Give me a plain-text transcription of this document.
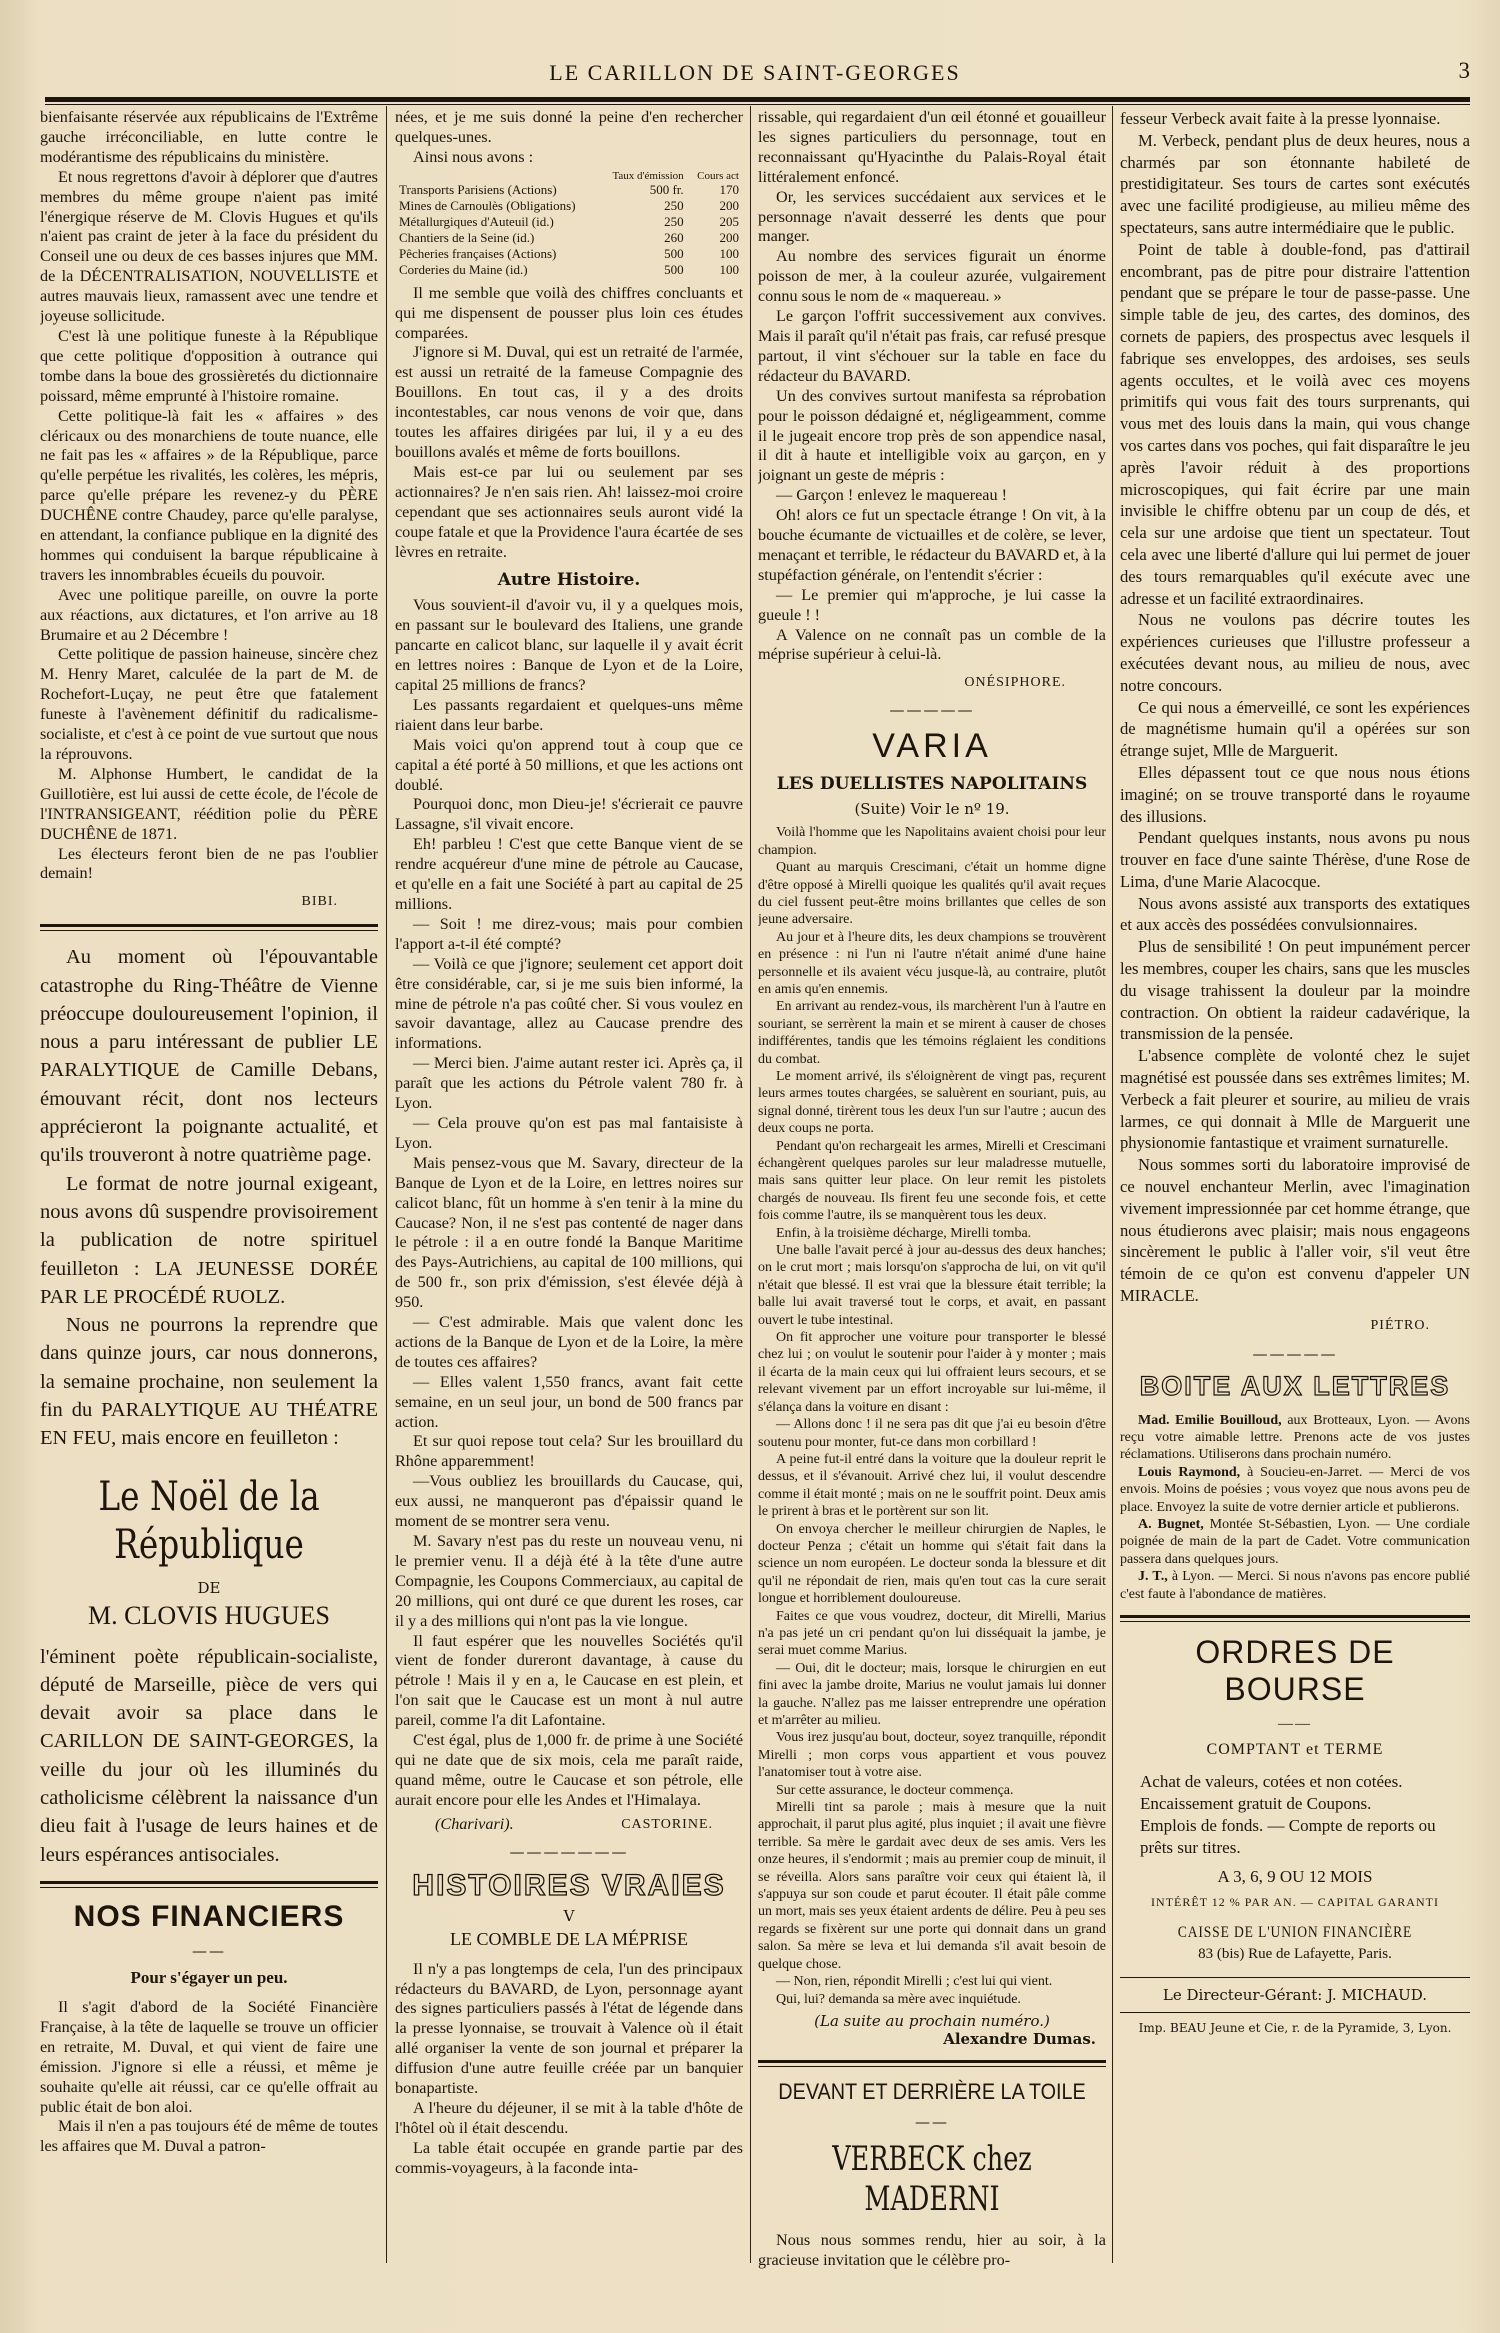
LE CARILLON DE SAINT-GEORGES	3

bienfaisante réservée aux républicains de l'Extrême gauche irréconciliable, en lutte contre le modérantisme des républicains du ministère.

Et nous regrettons d'avoir à déplorer que d'autres membres du même groupe n'aient pas imité l'énergique réserve de M. Clovis Hugues et qu'ils n'aient pas craint de jeter à la face du président du Conseil une ou deux de ces basses injures que MM. de la DÉCENTRALISATION, NOUVELLISTE et autres mauvais lieux, ramassent avec une tendre et joyeuse sollicitude.

C'est là une politique funeste à la République que cette politique d'opposition à outrance qui tombe dans la boue des grossièretés du dictionnaire poissard, même emprunté à l'histoire romaine.

Cette politique-là fait les « affaires » des cléricaux ou des monarchiens de toute nuance, elle ne fait pas les « affaires » de la République, parce qu'elle perpétue les rivalités, les colères, les mépris, parce qu'elle prépare les revenez-y du PÈRE DUCHÊNE contre Chaudey, parce qu'elle paralyse, en attendant, la confiance publique en la dignité des hommes qui conduisent la barque républicaine à travers les innombrables écueils du pouvoir.

Avec une politique pareille, on ouvre la porte aux réactions, aux dictatures, et l'on arrive au 18 Brumaire et au 2 Décembre !

Cette politique de passion haineuse, sincère chez M. Henry Maret, calculée de la part de M. de Rochefort-Luçay, ne peut être que fatalement funeste à l'avènement définitif du radicalisme-socialiste, et c'est à ce point de vue surtout que nous la réprouvons.

M. Alphonse Humbert, le candidat de la Guillotière, est lui aussi de cette école, de l'école de l'INTRANSIGEANT, réédition polie du PÈRE DUCHÊNE de 1871.

Les électeurs feront bien de ne pas l'oublier demain!

BIBI.

Au moment où l'épouvantable catastrophe du Ring-Théâtre de Vienne préoccupe douloureusement l'opinion, il nous a paru intéressant de publier LE PARALYTIQUE de Camille Debans, émouvant récit, dont nos lecteurs apprécieront la poignante actualité, et qu'ils trouveront à notre quatrième page.

Le format de notre journal exigeant, nous avons dû suspendre provisoirement la publication de notre spirituel feuilleton : LA JEUNESSE DORÉE PAR LE PROCÉDÉ RUOLZ.

Nous ne pourrons la reprendre que dans quinze jours, car nous donnerons, la semaine prochaine, non seulement la fin du PARALYTIQUE AU THÉATRE EN FEU, mais encore en feuilleton :

Le Noël de la République
DE
M. CLOVIS HUGUES

l'éminent poète républicain-socialiste, député de Marseille, pièce de vers qui devait avoir sa place dans le CARILLON DE SAINT-GEORGES, la veille du jour où les illuminés du catholicisme célèbrent la naissance d'un dieu fait à l'usage de leurs haines et de leurs espérances antisociales.

NOS FINANCIERS
——
Pour s'égayer un peu.

Il s'agit d'abord de la Société Financière Française, à la tête de laquelle se trouve un officier en retraite, M. Duval, et qui vient de faire une émission. J'ignore si elle a réussi, et même je souhaite qu'elle ait réussi, car ce qu'elle offrait au public était de bon aloi.

Mais il n'en a pas toujours été de même de toutes les affaires que M. Duval a patron-

nées, et je me suis donné la peine d'en rechercher quelques-unes.

Ainsi nous avons :

	Taux d'émission	Cours act
Transports Parisiens (Actions)	500 fr.	170
Mines de Carnoulès (Obligations)	250	200
Métallurgiques d'Auteuil (id.)	250	205
Chantiers de la Seine (id.)	260	200
Pêcheries françaises (Actions)	500	100
Corderies du Maine (id.)	500	100

Il me semble que voilà des chiffres concluants et qui me dispensent de pousser plus loin ces études comparées.

J'ignore si M. Duval, qui est un retraité de l'armée, est aussi un retraité de la fameuse Compagnie des Bouillons. En tout cas, il y a des droits incontestables, car nous venons de voir que, dans toutes les affaires dirigées par lui, il y a eu des bouillons avalés et même de forts bouillons.

Mais est-ce par lui ou seulement par ses actionnaires? Je n'en sais rien. Ah! laissez-moi croire cependant que ses actionnaires seuls auront vidé la coupe fatale et que la Providence l'aura écartée de ses lèvres en retraite.

Autre Histoire.

Vous souvient-il d'avoir vu, il y a quelques mois, en passant sur le boulevard des Italiens, une grande pancarte en calicot blanc, sur laquelle il y avait écrit en lettres noires : Banque de Lyon et de la Loire, capital 25 millions de francs?

Les passants regardaient et quelques-uns même riaient dans leur barbe.

Mais voici qu'on apprend tout à coup que ce capital a été porté à 50 millions, et que les actions ont doublé.

Pourquoi donc, mon Dieu-je! s'écrierait ce pauvre Lassagne, s'il vivait encore.

Eh! parbleu ! C'est que cette Banque vient de se rendre acquéreur d'une mine de pétrole au Caucase, et qu'elle en a fait une Société à part au capital de 25 millions.

— Soit ! me direz-vous; mais pour combien l'apport a-t-il été compté?

— Voilà ce que j'ignore; seulement cet apport doit être considérable, car, si je me suis bien informé, la mine de pétrole n'a pas coûté cher. Si vous voulez en savoir davantage, allez au Caucase prendre des informations.

— Merci bien. J'aime autant rester ici. Après ça, il paraît que les actions du Pétrole valent 780 fr. à Lyon.

— Cela prouve qu'on est pas mal fantaisiste à Lyon.

Mais pensez-vous que M. Savary, directeur de la Banque de Lyon et de la Loire, en lettres noires sur calicot blanc, fût un homme à s'en tenir à la mine du Caucase? Non, il ne s'est pas contenté de nager dans le pétrole : il a en outre fondé la Banque Maritime des Pays-Autrichiens, au capital de 100 millions, qui de 500 fr., son prix d'émission, s'est élevée déjà à 950.

— C'est admirable. Mais que valent donc les actions de la Banque de Lyon et de la Loire, la mère de toutes ces affaires?

— Elles valent 1,550 francs, avant fait cette semaine, en un seul jour, un bond de 500 francs par action.

Et sur quoi repose tout cela? Sur les brouillard du Rhône apparemment!

—Vous oubliez les brouillards du Caucase, qui, eux aussi, ne manqueront pas d'épaissir quand le moment de se montrer sera venu.

M. Savary n'est pas du reste un nouveau venu, ni le premier venu. Il a déjà été à la tête d'une autre Compagnie, les Coupons Commerciaux, au capital de 20 millions, qui ont duré ce que durent les roses, car il y a des millions qui n'ont pas la vie longue.

Il faut espérer que les nouvelles Sociétés qu'il vient de fonder dureront davantage, à cause du pétrole ! Mais il y en a, le Caucase en est plein, et l'on sait que le Caucase est un mont à nul autre pareil, comme l'a dit Lafontaine.

C'est égal, plus de 1,000 fr. de prime à une Société qui ne date que de six mois, cela me paraît raide, quand même, outre le Caucase et son pétrole, elle aurait encore pour elle les Andes et l'Himalaya.

(Charivari).	CASTORINE.
———————
HISTOIRES VRAIES
V
LE COMBLE DE LA MÉPRISE

Il n'y a pas longtemps de cela, l'un des principaux rédacteurs du BAVARD, de Lyon, personnage ayant des signes particuliers passés à l'état de légende dans la presse lyonnaise, se trouvait à Valence où il était allé organiser la vente de son journal et préparer la diffusion d'une autre feuille créée par un banquier bonapartiste.

A l'heure du déjeuner, il se mit à la table d'hôte de l'hôtel où il était descendu.

La table était occupée en grande partie par des commis-voyageurs, à la faconde inta-

rissable, qui regardaient d'un œil étonné et gouailleur les signes particuliers du personnage, tout en reconnaissant qu'Hyacinthe du Palais-Royal était littéralement enfoncé.

Or, les services succédaient aux services et le personnage n'avait desserré les dents que pour manger.

Au nombre des services figurait un énorme poisson de mer, à la couleur azurée, vulgairement connu sous le nom de « maquereau. »

Le garçon l'offrit successivement aux convives. Mais il paraît qu'il n'était pas frais, car refusé presque partout, il vint s'échouer sur la table en face du rédacteur du BAVARD.

Un des convives surtout manifesta sa réprobation pour le poisson dédaigné et, négligeamment, comme il le jugeait encore trop près de son appendice nasal, il dit à haute et intelligible voix au garçon, en y joignant un geste de mépris :

— Garçon ! enlevez le maquereau !

Oh! alors ce fut un spectacle étrange ! On vit, à la bouche écumante de victuailles et de colère, se lever, menaçant et terrible, le rédacteur du BAVARD et, à la stupéfaction générale, on l'entendit s'écrier :

— Le premier qui m'approche, je lui casse la gueule ! !

A Valence on ne connaît pas un comble de la méprise supérieur à celui-là.

ONÉSIPHORE.
—————
VARIA
LES DUELLISTES NAPOLITAINS
(Suite) Voir le nº 19.

Voilà l'homme que les Napolitains avaient choisi pour leur champion.

Quant au marquis Crescimani, c'était un homme digne d'être opposé à Mirelli quoique les qualités qu'il avait reçues du ciel fussent peut-être moins brillantes que celles de son jeune adversaire.

Au jour et à l'heure dits, les deux champions se trouvèrent en présence : ni l'un ni l'autre n'était animé d'une haine personnelle et ils avaient vécu jusque-là, au contraire, plutôt en amis qu'en ennemis.

En arrivant au rendez-vous, ils marchèrent l'un à l'autre en souriant, se serrèrent la main et se mirent à causer de choses indifférentes, tandis que les témoins réglaient les conditions du combat.

Le moment arrivé, ils s'éloignèrent de vingt pas, reçurent leurs armes toutes chargées, se saluèrent en souriant, puis, au signal donné, tirèrent tous les deux l'un sur l'autre ; aucun des deux coups ne porta.

Pendant qu'on rechargeait les armes, Mirelli et Crescimani échangèrent quelques paroles sur leur maladresse mutuelle, mais sans quitter leur place. On leur remit les pistolets chargés de nouveau. Ils firent feu une seconde fois, et cette fois comme l'autre, ils se manquèrent tous les deux.

Enfin, à la troisième décharge, Mirelli tomba.

Une balle l'avait percé à jour au-dessus des deux hanches; on le crut mort ; mais lorsqu'on s'approcha de lui, on vit qu'il n'était que blessé. Il est vrai que la blessure était terrible; la balle lui avait traversé tout le corps, et avait, en passant ouvert le tube intestinal.

On fit approcher une voiture pour transporter le blessé chez lui ; on voulut le soutenir pour l'aider à y monter ; mais il écarta de la main ceux qui lui offraient leurs secours, et se relevant vivement par un effort incroyable sur lui-même, il s'élança dans la voiture en disant :

— Allons donc ! il ne sera pas dit que j'ai eu besoin d'être soutenu pour monter, fut-ce dans mon corbillard !

A peine fut-il entré dans la voiture que la douleur reprit le dessus, et il s'évanouit. Arrivé chez lui, il voulut descendre comme il était monté ; mais on ne le souffrit point. Deux amis le prirent à bras et le portèrent sur son lit.

On envoya chercher le meilleur chirurgien de Naples, le docteur Penza ; c'était un homme qui s'était fait dans la science un nom européen. Le docteur sonda la blessure et dit qu'il ne répondait de rien, mais qu'en tout cas la cure serait longue et horriblement douloureuse.

Faites ce que vous voudrez, docteur, dit Mirelli, Marius n'a pas jeté un cri pendant qu'on lui disséquait la jambe, je serai muet comme Marius.

— Oui, dit le docteur; mais, lorsque le chirurgien en eut fini avec la jambe droite, Marius ne voulut jamais lui donner la gauche. N'allez pas me laisser entreprendre une opération et m'arrêter au milieu.

Vous irez jusqu'au bout, docteur, soyez tranquille, répondit Mirelli ; mon corps vous appartient et vous pouvez l'anatomiser tout à votre aise.

Sur cette assurance, le docteur commença.

Mirelli tint sa parole ; mais à mesure que la nuit approchait, il parut plus agité, plus inquiet ; il avait une fièvre terrible. Sa mère le gardait avec deux de ses amis. Vers les onze heures, il s'endormit ; mais au premier coup de minuit, il se réveilla. Alors sans paraître voir ceux qui étaient là, il s'appuya sur son coude et parut écouter. Il était pâle comme un mort, mais ses yeux étaient ardents de délire. Peu à peu ses regards se fixèrent sur une porte qui donnait dans un grand salon. Sa mère se leva et lui demanda s'il avait besoin de quelque chose.

— Non, rien, répondit Mirelli ; c'est lui qui vient.

Qui, lui? demanda sa mère avec inquiétude.

(La suite au prochain numéro.)
Alexandre Dumas.
DEVANT ET DERRIÈRE LA TOILE
——
VERBECK chez MADERNI

Nous nous sommes rendu, hier au soir, à la gracieuse invitation que le célèbre pro-

fesseur Verbeck avait faite à la presse lyonnaise.

M. Verbeck, pendant plus de deux heures, nous a charmés par son étonnante habileté de prestidigitateur. Ses tours de cartes sont exécutés avec une facilité prodigieuse, au milieu même des spectateurs, sans autre intermédiaire que le public.

Point de table à double-fond, pas d'attirail encombrant, pas de pitre pour distraire l'attention pendant que se prépare le tour de passe-passe. Une simple table de jeu, des cartes, des dominos, des cornets de papiers, des prospectus avec lesquels il fabrique ses enveloppes, des ardoises, ses seuls agents occultes, et le voilà avec ces moyens primitifs qui vous fait des tours surprenants, qui vous met des louis dans la main, qui vous change vos cartes dans vos poches, qui fait disparaître le jeu après l'avoir réduit à des proportions microscopiques, qui fait écrire par une main invisible le chiffre obtenu par un coup de dés, et cela sur une ardoise que tient un spectateur. Tout cela avec une liberté d'allure qui lui permet de jouer des tours remarquables qu'il exécute avec une adresse et un facilité extraordinaires.

Nous ne voulons pas décrire toutes les expériences curieuses que l'illustre professeur a exécutées devant nous, au milieu de nous, avec notre concours.

Ce qui nous a émerveillé, ce sont les expériences de magnétisme humain qu'il a opérées sur son étrange sujet, Mlle de Marguerit.

Elles dépassent tout ce que nous nous étions imaginé; on se trouve transporté dans le royaume des illusions.

Pendant quelques instants, nous avons pu nous trouver en face d'une sainte Thérèse, d'une Rose de Lima, d'une Marie Alacocque.

Nous avons assisté aux transports des extatiques et aux accès des possédées convulsionnaires.

Plus de sensibilité ! On peut impunément percer les membres, couper les chairs, sans que les muscles du visage trahissent la douleur par la moindre contraction. On obtient la raideur cadavérique, la transmission de la pensée.

L'absence complète de volonté chez le sujet magnétisé est poussée dans ses extrêmes limites; M. Verbeck a fait pleurer et sourire, au milieu de vrais larmes, ce qui donnait à Mlle de Marguerit une physionomie fantastique et vraiment surnaturelle.

Nous sommes sorti du laboratoire improvisé de ce nouvel enchanteur Merlin, avec l'imagination vivement impressionnée par cet homme étrange, que nous étudierons avec plaisir; mais nous engageons sincèrement le public à l'aller voir, s'il veut être témoin de ce qu'on est convenu d'appeler UN MIRACLE.

PIÉTRO.
—————
BOITE AUX LETTRES

Mad. Emilie Bouilloud, aux Brotteaux, Lyon. — Avons reçu votre aimable lettre. Prenons acte de vos justes réclamations. Utiliserons dans prochain numéro.

Louis Raymond, à Soucieu-en-Jarret. — Merci de vos envois. Moins de poésies ; vous voyez que nous avons peu de place. Envoyez la suite de votre dernier article et publierons.

A. Bugnet, Montée St-Sébastien, Lyon. — Une cordiale poignée de main de la part de Cadet. Votre communication passera dans quelques jours.

J. T., à Lyon. — Merci. Si nous n'avons pas encore publié c'est faute à l'abondance de matières.

ORDRES DE BOURSE
——
COMPTANT et TERME
Achat de valeurs, cotées et non cotées.
Encaissement gratuit de Coupons.
Emplois de fonds. — Compte de reports ou prêts sur titres.
A 3, 6, 9 OU 12 MOIS
INTÉRÊT 12 % PAR AN. — CAPITAL GARANTI
CAISSE DE L'UNION FINANCIÈRE
83 (bis) Rue de Lafayette, Paris.
Le Directeur-Gérant: J. MICHAUD.
Imp. BEAU Jeune et Cie, r. de la Pyramide, 3, Lyon.
